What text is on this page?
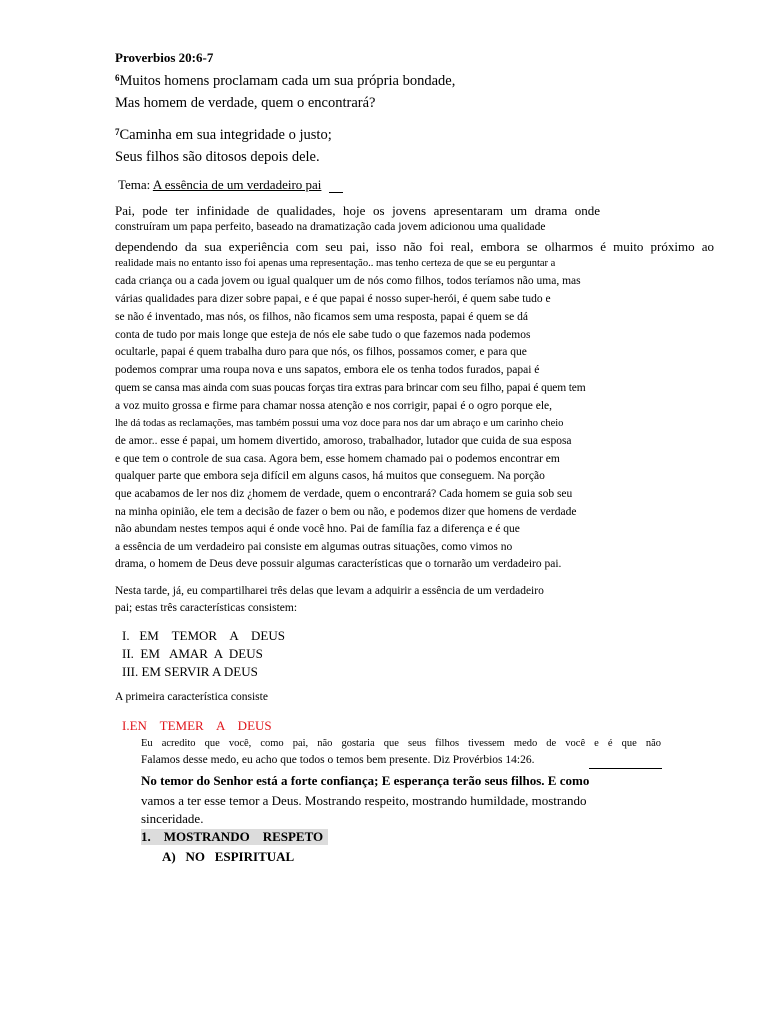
Proverbios 20:6-7
$^6$Muitos homens proclamam cada um sua própria bondade,
Mas homem de verdade, quem o encontrará?
$^7$Caminha em sua integridade o justo;
Seus filhos são ditosos depois dele.
Tema: A essência de um verdadeiro pai
Pai, pode ter infinidade de qualidades, hoje os jovens apresentaram um drama onde
construíram um papa perfeito, baseado na dramatização cada jovem adicionou uma qualidade
dependendo da sua experiência com seu pai, isso não foi real, embora se olharmos é muito próximo ao
realidade mais no entanto isso foi apenas uma representação.. mas tenho certeza de que se eu perguntar a
cada criança ou a cada jovem ou igual qualquer um de nós como filhos, todos teríamos não uma, mas
várias qualidades para dizer sobre papai, e é que papai é nosso super-herói, é quem sabe tudo e
se não é inventado, mas nós, os filhos, não ficamos sem uma resposta, papai é quem se dá
conta de tudo por mais longe que esteja de nós ele sabe tudo o que fazemos nada podemos
ocultarle, papai é quem trabalha duro para que nós, os filhos, possamos comer, e para que
podemos comprar uma roupa nova e uns sapatos, embora ele os tenha todos furados, papai é
quem se cansa mas ainda com suas poucas forças tira extras para brincar com seu filho, papai é quem tem
a voz muito grossa e firme para chamar nossa atenção e nos corrigir, papai é o ogro porque ele,
lhe dá todas as reclamações, mas também possui uma voz doce para nos dar um abraço e um carinho cheio
de amor.. esse é papai, um homem divertido, amoroso, trabalhador, lutador que cuida de sua esposa
e que tem o controle de sua casa. Agora bem, esse homem chamado pai o podemos encontrar em
qualquer parte que embora seja difícil em alguns casos, há muitos que conseguem. Na porção
que acabamos de ler nos diz ¿homem de verdade, quem o encontrará? Cada homem se guia sob seu
na minha opinião, ele tem a decisão de fazer o bem ou não, e podemos dizer que homens de verdade
não abundam nestes tempos aqui é onde você hno. Pai de família faz a diferença e é que
a essência de um verdadeiro pai consiste em algumas outras situações, como vimos no
drama, o homem de Deus deve possuir algumas características que o tornarão um verdadeiro pai.
Nesta tarde, já, eu compartilharei três delas que levam a adquirir a essência de um verdadeiro
pai; estas três características consistem:
I.   EM    TEMOR    A    DEUS
II.  EM   AMAR  A  DEUS
III. EM SERVIR A DEUS
A primeira característica consiste
I.EN    TEMER    A    DEUS
Eu acredito que você, como pai, não gostaria que seus filhos tivessem medo de você e é que não
Falamos desse medo, eu acho que todos o temos bem presente. Diz Provérbios 14:26.
No temor do Senhor está a forte confiança; E esperança terão seus filhos. E como
vamos a ter esse temor a Deus. Mostrando respeito, mostrando humildade, mostrando
sinceridade.
1.    MOSTRANDO    RESPETO
A)   NO   ESPIRITUAL
